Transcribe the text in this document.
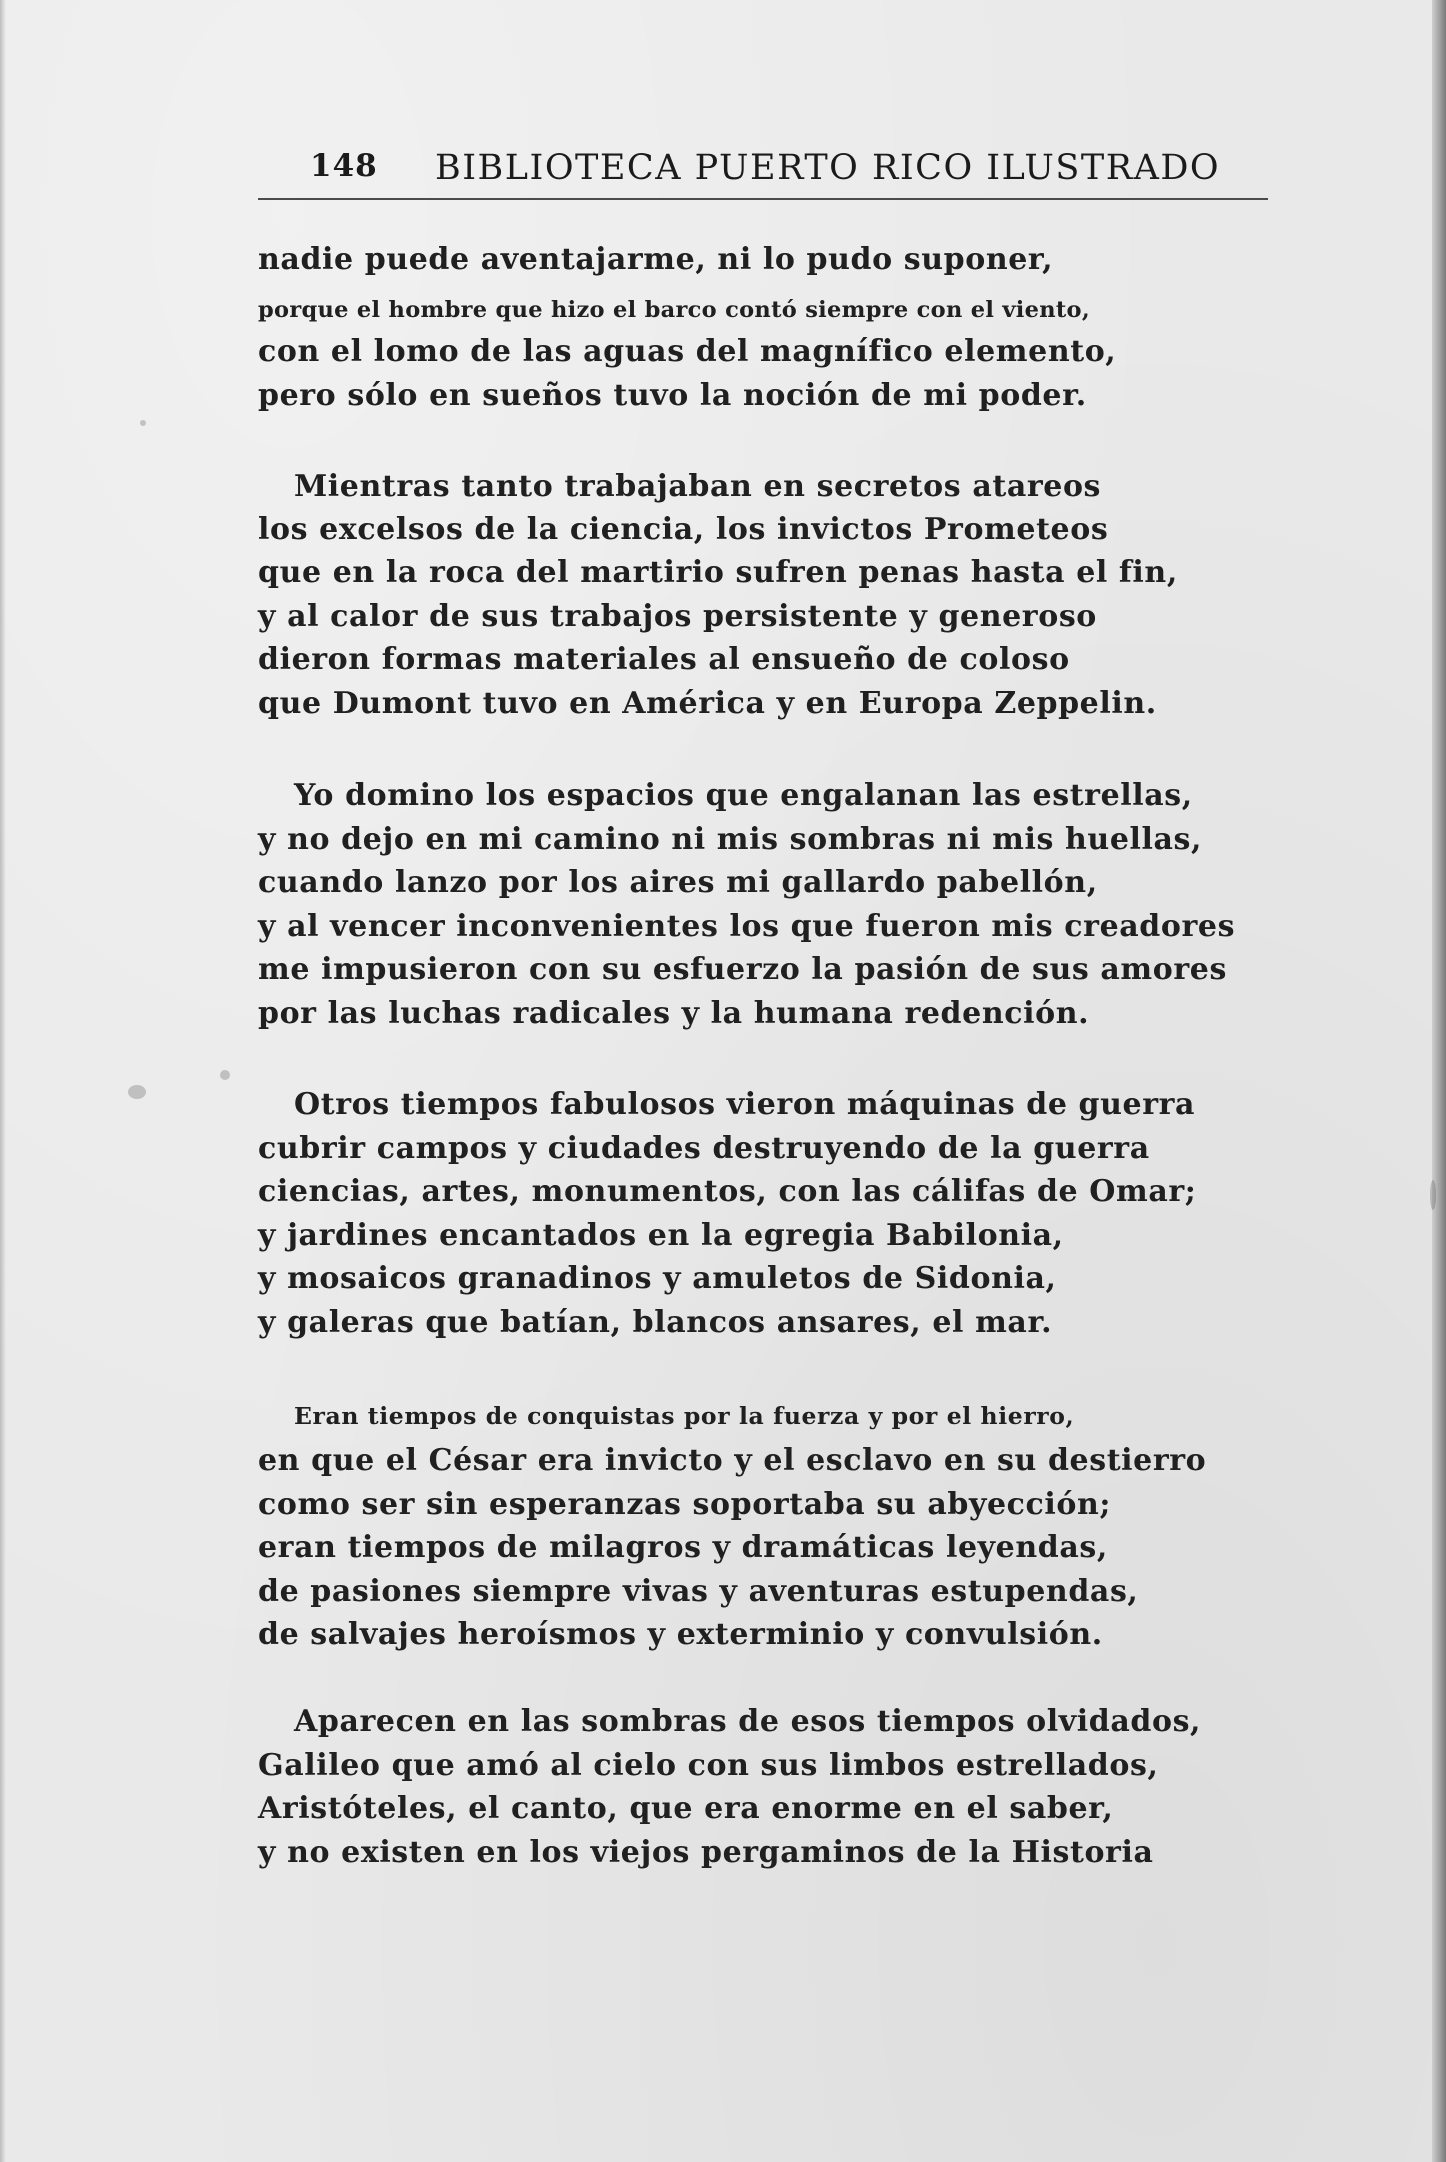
148 BIBLIOTECA PUERTO RICO ILUSTRADO
nadie puede aventajarme, ni lo pudo suponer,
porque el hombre que hizo el barco contó siempre con el viento,
con el lomo de las aguas del magnífico elemento,
pero sólo en sueños tuvo la noción de mi poder.
Mientras tanto trabajaban en secretos atareos
los excelsos de la ciencia, los invictos Prometeos
que en la roca del martirio sufren penas hasta el fin,
y al calor de sus trabajos persistente y generoso
dieron formas materiales al ensueño de coloso
que Dumont tuvo en América y en Europa Zeppelin.
Yo domino los espacios que engalanan las estrellas,
y no dejo en mi camino ni mis sombras ni mis huellas,
cuando lanzo por los aires mi gallardo pabellón,
y al vencer inconvenientes los que fueron mis creadores
me impusieron con su esfuerzo la pasión de sus amores
por las luchas radicales y la humana redención.
Otros tiempos fabulosos vieron máquinas de guerra
cubrir campos y ciudades destruyendo de la guerra
ciencias, artes, monumentos, con las cálifas de Omar;
y jardines encantados en la egregia Babilonia,
y mosaicos granadinos y amuletos de Sidonia,
y galeras que batían, blancos ansares, el mar.
Eran tiempos de conquistas por la fuerza y por el hierro,
en que el César era invicto y el esclavo en su destierro
como ser sin esperanzas soportaba su abyección;
eran tiempos de milagros y dramáticas leyendas,
de pasiones siempre vivas y aventuras estupendas,
de salvajes heroísmos y exterminio y convulsión.
Aparecen en las sombras de esos tiempos olvidados,
Galileo que amó al cielo con sus limbos estrellados,
Aristóteles, el canto, que era enorme en el saber,
y no existen en los viejos pergaminos de la Historia
